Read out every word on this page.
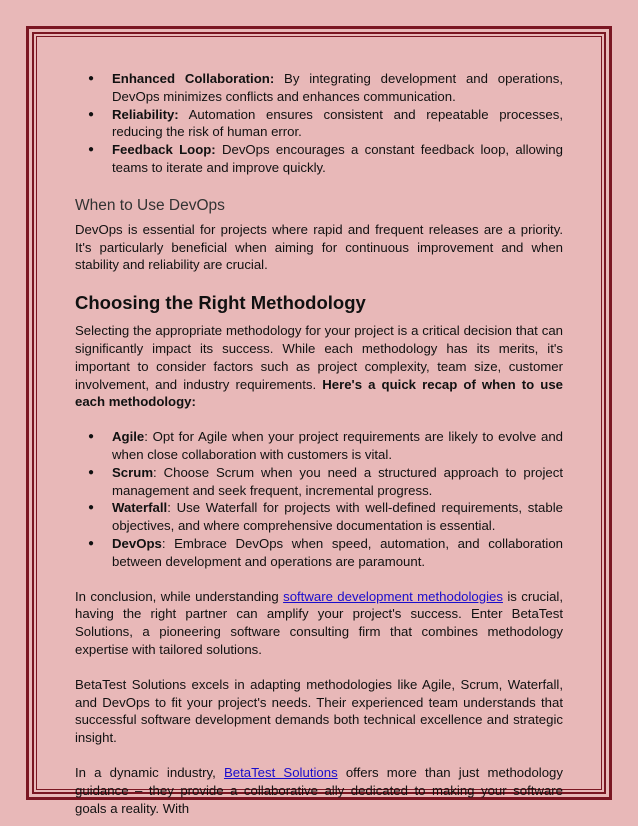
● Enhanced Collaboration: By integrating development and operations, DevOps minimizes conflicts and enhances communication.
● Reliability: Automation ensures consistent and repeatable processes, reducing the risk of human error.
● Feedback Loop: DevOps encourages a constant feedback loop, allowing teams to iterate and improve quickly.
When to Use DevOps

DevOps is essential for projects where rapid and frequent releases are a priority. It's particularly beneficial when aiming for continuous improvement and when stability and reliability are crucial.

Choosing the Right Methodology

Selecting the appropriate methodology for your project is a critical decision that can significantly impact its success. While each methodology has its merits, it's important to consider factors such as project complexity, team size, customer involvement, and industry requirements. Here's a quick recap of when to use each methodology:

● Agile: Opt for Agile when your project requirements are likely to evolve and when close collaboration with customers is vital.
● Scrum: Choose Scrum when you need a structured approach to project management and seek frequent, incremental progress.
● Waterfall: Use Waterfall for projects with well-defined requirements, stable objectives, and where comprehensive documentation is essential.
● DevOps: Embrace DevOps when speed, automation, and collaboration between development and operations are paramount.

In conclusion, while understanding software development methodologies is crucial, having the right partner can amplify your project's success. Enter BetaTest Solutions, a pioneering software consulting firm that combines methodology expertise with tailored solutions.

BetaTest Solutions excels in adapting methodologies like Agile, Scrum, Waterfall, and DevOps to fit your project's needs. Their experienced team understands that successful software development demands both technical excellence and strategic insight.

In a dynamic industry, BetaTest Solutions offers more than just methodology guidance – they provide a collaborative ally dedicated to making your software goals a reality. With
